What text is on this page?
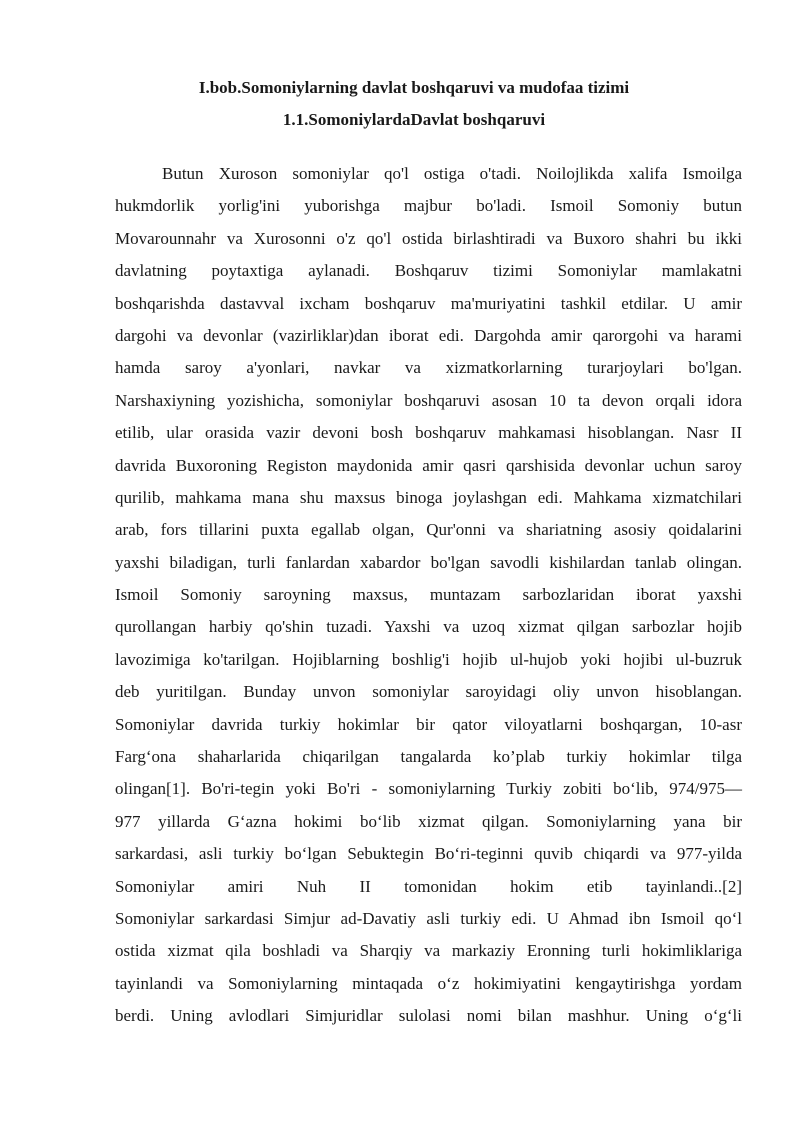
I.bob.Somoniylarning davlat boshqaruvi va mudofaa tizimi
1.1.SomoniylardaDavlat boshqaruvi
Butun Xuroson somoniylar qo'l ostiga o'tadi. Noilojlikda xalifa Ismoilga
hukmdorlik yorlig'ini yuborishga majbur bo'ladi. Ismoil Somoniy butun
Movarounnahr va Xurosonni o'z qo'l ostida birlashtiradi va Buxoro shahri bu ikki
davlatning poytaxtiga aylanadi. Boshqaruv tizimi Somoniylar mamlakatni
boshqarishda dastavval ixcham boshqaruv ma'muriyatini tashkil etdilar. U amir
dargohi va devonlar (vazirliklar)dan iborat edi. Dargohda amir qarorgohi va harami
hamda saroy a'yonlari, navkar va xizmatkorlarning turarjoylari bo'lgan.
Narshaxiyning yozishicha, somoniylar boshqaruvi asosan 10 ta devon orqali idora
etilib, ular orasida vazir devoni bosh boshqaruv mahkamasi hisoblangan. Nasr II
davrida Buxoroning Registon maydonida amir qasri qarshisida devonlar uchun saroy
qurilib, mahkama mana shu maxsus binoga joylashgan edi. Mahkama xizmatchilari
arab, fors tillarini puxta egallab olgan, Qur'onni va shariatning asosiy qoidalarini
yaxshi biladigan, turli fanlardan xabardor bo'lgan savodli kishilardan tanlab olingan.
Ismoil Somoniy saroyning maxsus, muntazam sarbozlaridan iborat yaxshi
qurollangan harbiy qo'shin tuzadi. Yaxshi va uzoq xizmat qilgan sarbozlar hojib
lavozimiga ko'tarilgan. Hojiblarning boshlig'i hojib ul-hujob yoki hojibi ul-buzruk
deb yuritilgan. Bunday unvon somoniylar saroyidagi oliy unvon hisoblangan.
Somoniylar davrida turkiy hokimlar bir qator viloyatlarni boshqargan, 10-asr
Farg‘ona shaharlarida chiqarilgan tangalarda ko’plab turkiy hokimlar tilga
olingan[1]. Bo'ri-tegin yoki Bo'ri - somoniylarning Turkiy zobiti bo‘lib, 974/975—
977 yillarda G‘azna hokimi bo‘lib xizmat qilgan. Somoniylarning yana bir
sarkardasi, asli turkiy bo‘lgan Sebuktegin Bo‘ri-teginni quvib chiqardi va 977-yilda
Somoniylar amiri Nuh II tomonidan hokim etib tayinlandi..[2]
Somoniylar sarkardasi Simjur ad-Davatiy asli turkiy edi. U Ahmad ibn Ismoil qo‘l
ostida xizmat qila boshladi va Sharqiy va markaziy Eronning turli hokimliklariga
tayinlandi va Somoniylarning mintaqada o‘z hokimiyatini kengaytirishga yordam
berdi. Uning avlodlari Simjuridlar sulolasi nomi bilan mashhur. Uning o‘g‘li
